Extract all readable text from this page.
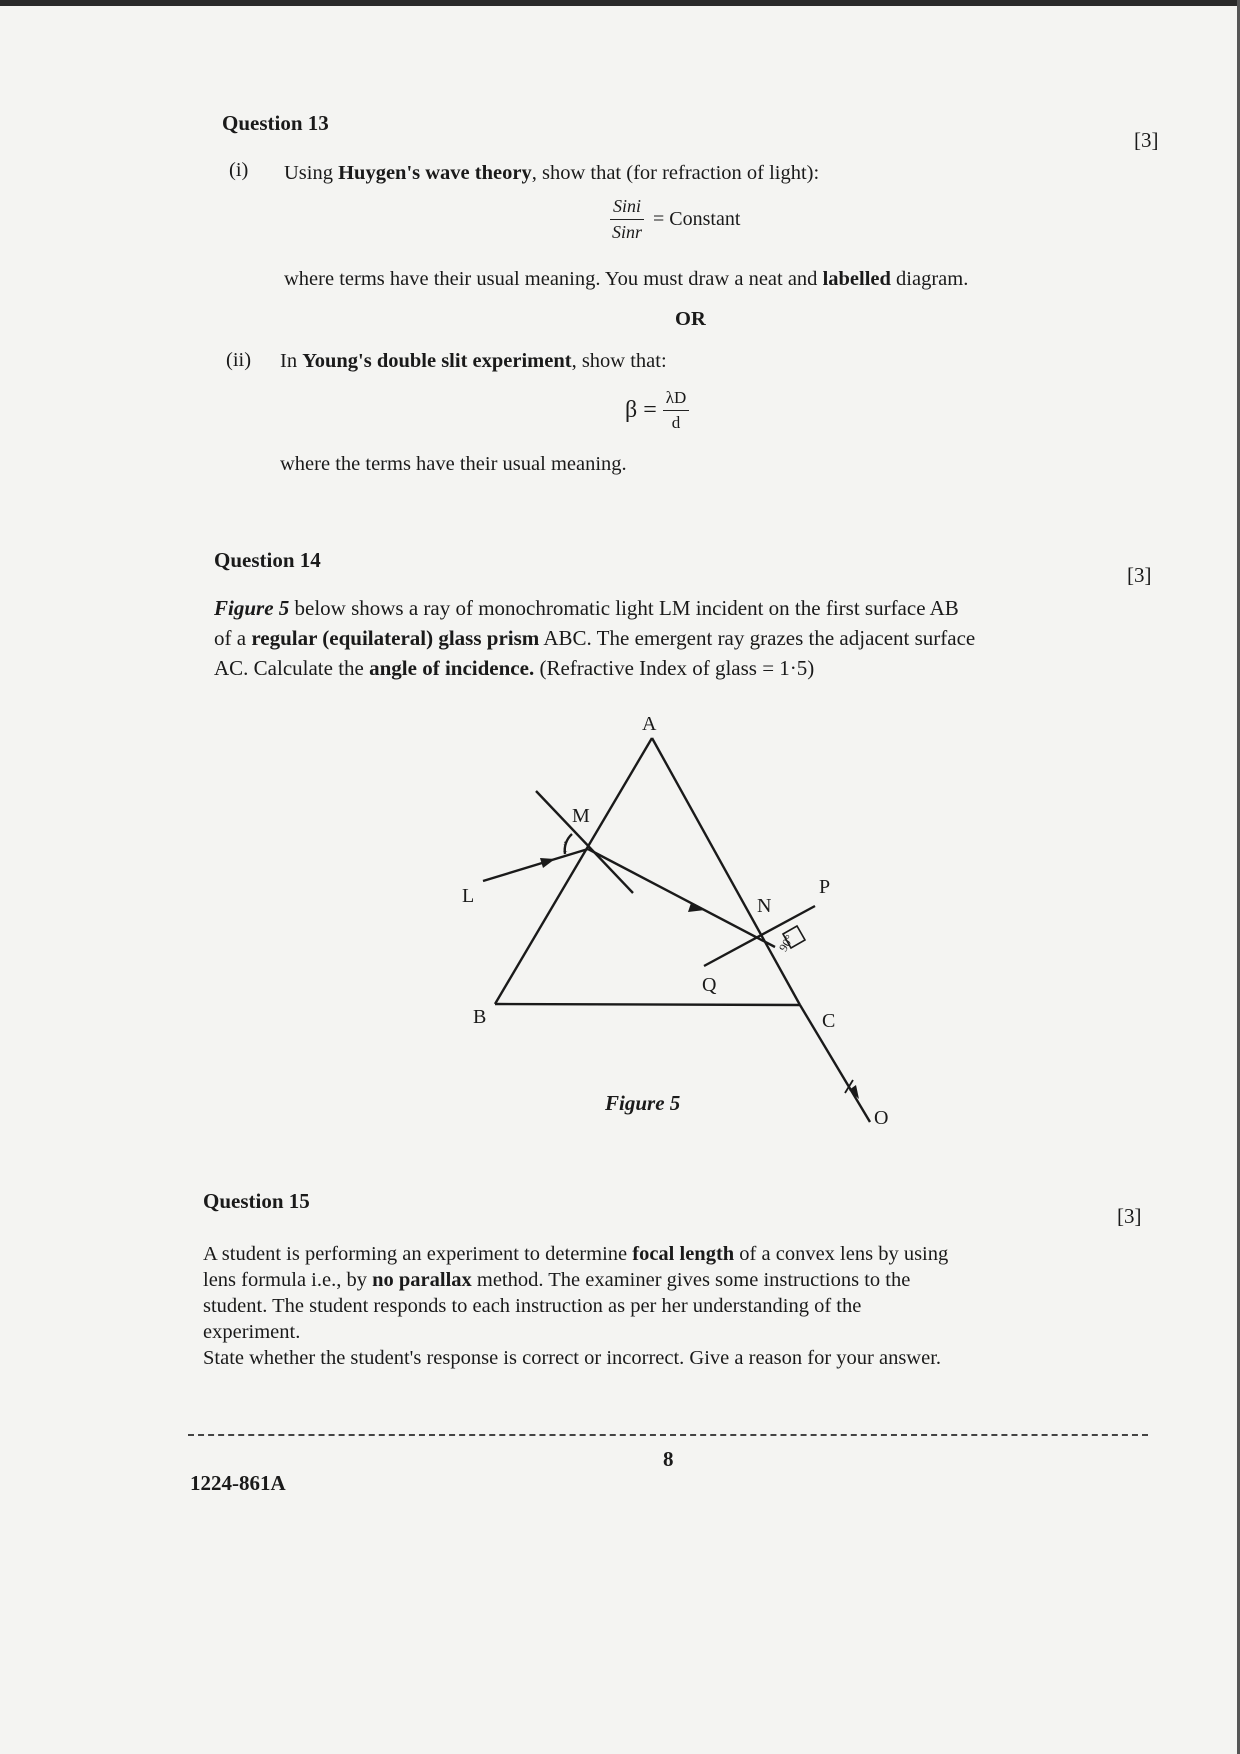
Question 13
[3]
(i) Using Huygen's wave theory, show that (for refraction of light):
$\frac{\text{Sini}}{\text{Sinr}}$ = Constant
where terms have their usual meaning. You must draw a neat and labelled diagram.
OR
(ii) In Young's double slit experiment, show that:
$\beta = \frac{\lambda D}{d}$
where the terms have their usual meaning.
Question 14
[3]
Figure 5 below shows a ray of monochromatic light LM incident on the first surface AB
of a regular (equilateral) glass prism ABC. The emergent ray grazes the adjacent surface
AC. Calculate the angle of incidence. (Refractive Index of glass = 1·5)
A
B	C
L
M
N
P
Q
O
i
90°
Figure 5
Question 15
[3]
A student is performing an experiment to determine focal length of a convex lens by using
lens formula i.e., by no parallax method. The examiner gives some instructions to the
student. The student responds to each instruction as per her understanding of the
experiment.
State whether the student's response is correct or incorrect. Give a reason for your answer.
8
1224-861A
